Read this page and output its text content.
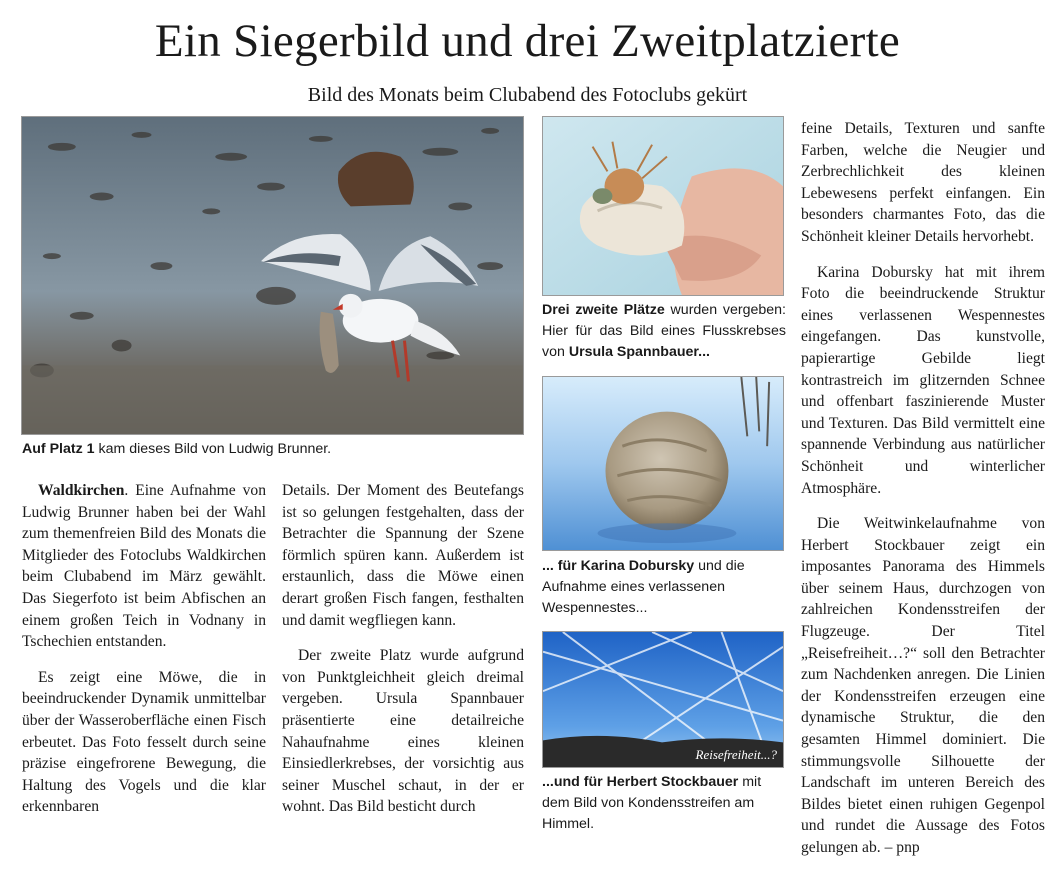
Ein Siegerbild und drei Zweitplatzierte
Bild des Monats beim Clubabend des Fotoclubs gekürt
Auf Platz 1 kam dieses Bild von Ludwig Brunner.
Drei zweite Plätze wurden vergeben: Hier für das Bild eines Flusskrebses von Ursula Spannbauer...
... für Karina Dobursky und die Aufnahme eines verlassenen Wespennestes...
Reisefreiheit...?
...und für Herbert Stockbauer mit dem Bild von Kondensstreifen am Himmel.

Waldkirchen. Eine Aufnahme von Ludwig Brunner haben bei der Wahl zum themenfreien Bild des Monats die Mitglieder des Fotoclubs Waldkirchen beim Clubabend im März gewählt. Das Siegerfoto ist beim Abfischen an einem großen Teich in Vodnany in Tschechien entstanden.

Es zeigt eine Möwe, die in beeindruckender Dynamik unmittelbar über der Wasseroberfläche einen Fisch erbeutet. Das Foto fesselt durch seine präzise eingefrorene Bewegung, die Haltung des Vogels und die klar erkennbaren

Details. Der Moment des Beutefangs ist so gelungen festgehalten, dass der Betrachter die Spannung der Szene förmlich spüren kann. Außerdem ist erstaunlich, dass die Möwe einen derart großen Fisch fangen, festhalten und damit wegfliegen kann.

Der zweite Platz wurde aufgrund von Punktgleichheit gleich dreimal vergeben. Ursula Spannbauer präsentierte eine detailreiche Nahaufnahme eines kleinen Einsiedlerkrebses, der vorsichtig aus seiner Muschel schaut, in der er wohnt. Das Bild besticht durch

feine Details, Texturen und sanfte Farben, welche die Neugier und Zerbrechlichkeit des kleinen Lebewesens perfekt einfangen. Ein besonders charmantes Foto, das die Schönheit kleiner Details hervorhebt.

Karina Dobursky hat mit ihrem Foto die beeindruckende Struktur eines verlassenen Wespennestes eingefangen. Das kunstvolle, papierartige Gebilde liegt kontrastreich im glitzernden Schnee und offenbart faszinierende Muster und Texturen. Das Bild vermittelt eine spannende Verbindung aus natürlicher Schönheit und winterlicher Atmosphäre.

Die Weitwinkelaufnahme von Herbert Stockbauer zeigt ein imposantes Panorama des Himmels über seinem Haus, durchzogen von zahlreichen Kondensstreifen der Flugzeuge. Der Titel „Reisefreiheit…?“ soll den Betrachter zum Nachdenken anregen. Die Linien der Kondensstreifen erzeugen eine dynamische Struktur, die den gesamten Himmel dominiert. Die stimmungsvolle Silhouette der Landschaft im unteren Bereich des Bildes bietet einen ruhigen Gegenpol und rundet die Aussage des Fotos gelungen ab. – pnp
